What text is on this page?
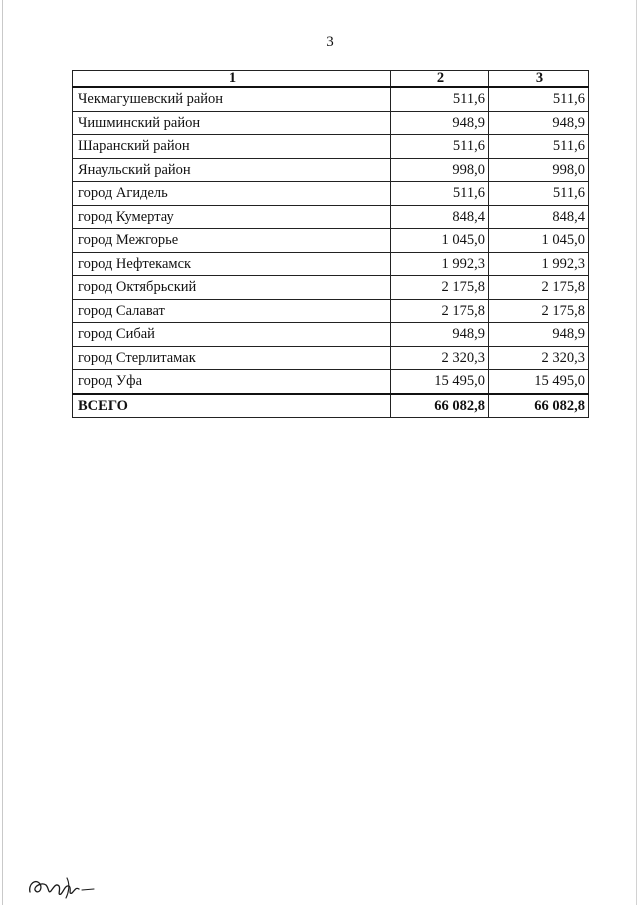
3
1	2	3
Чекмагушевский район	511,6	511,6
Чишминский район	948,9	948,9
Шаранский район	511,6	511,6
Янаульский район	998,0	998,0
город Агидель	511,6	511,6
город Кумертау	848,4	848,4
город Межгорье	1 045,0	1 045,0
город Нефтекамск	1 992,3	1 992,3
город Октябрьский	2 175,8	2 175,8
город Салават	2 175,8	2 175,8
город Сибай	948,9	948,9
город Стерлитамак	2 320,3	2 320,3
город Уфа	15 495,0	15 495,0
ВСЕГО	66 082,8	66 082,8
